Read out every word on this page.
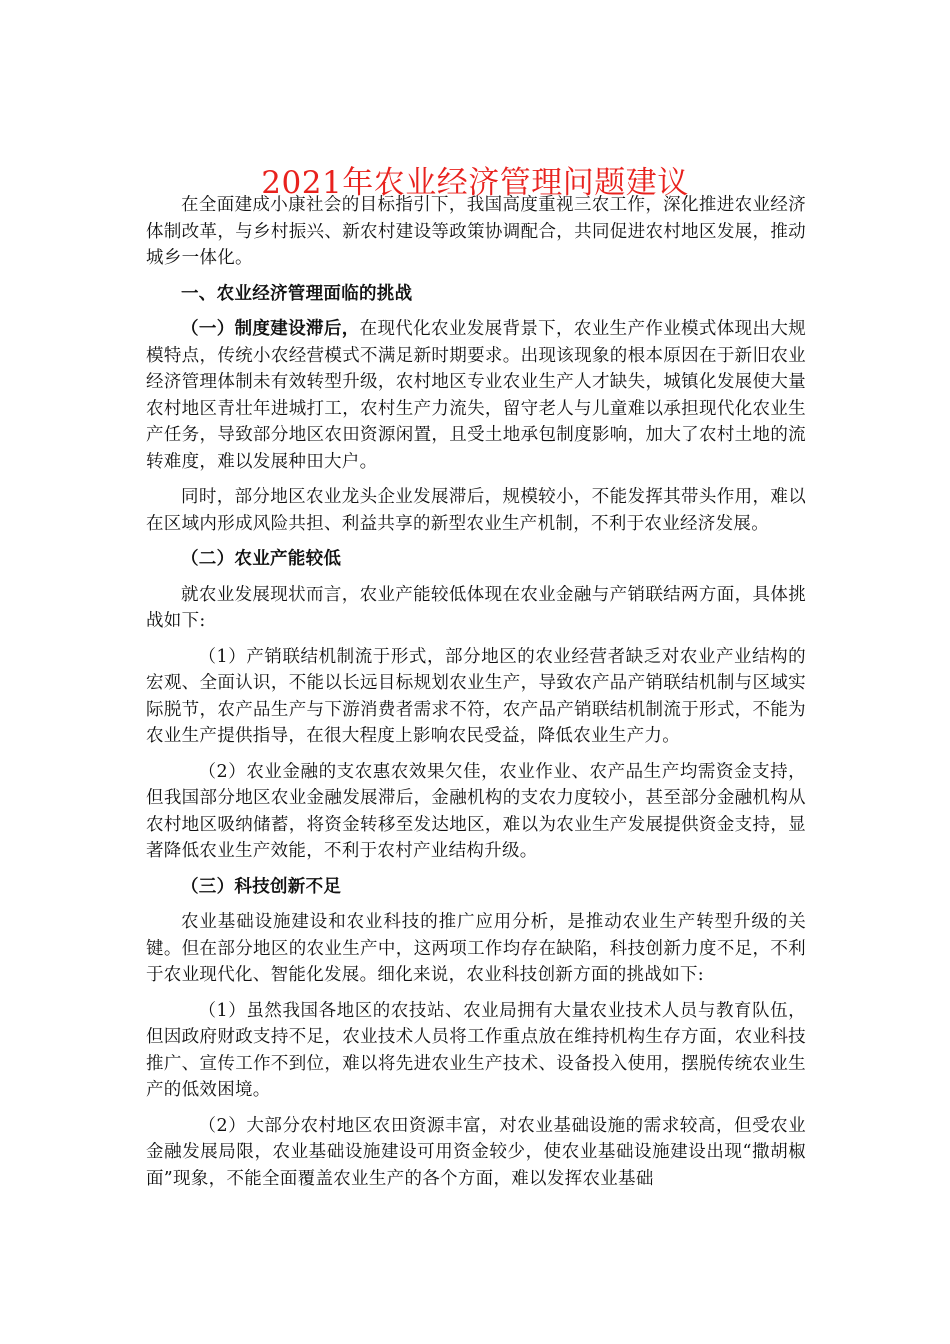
2021年农业经济管理问题建议

在全面建成小康社会的目标指引下，我国高度重视三农工作，深化推进农业经济体制改革，与乡村振兴、新农村建设等政策协调配合，共同促进农村地区发展，推动城乡一体化。

一、农业经济管理面临的挑战

（一）制度建设滞后，在现代化农业发展背景下，农业生产作业模式体现出大规模特点，传统小农经营模式不满足新时期要求。出现该现象的根本原因在于新旧农业经济管理体制未有效转型升级，农村地区专业农业生产人才缺失，城镇化发展使大量农村地区青壮年进城打工，农村生产力流失，留守老人与儿童难以承担现代化农业生产任务，导致部分地区农田资源闲置，且受土地承包制度影响，加大了农村土地的流转难度，难以发展种田大户。

同时，部分地区农业龙头企业发展滞后，规模较小，不能发挥其带头作用，难以在区域内形成风险共担、利益共享的新型农业生产机制，不利于农业经济发展。

（二）农业产能较低

就农业发展现状而言，农业产能较低体现在农业金融与产销联结两方面，具体挑战如下:

（1）产销联结机制流于形式，部分地区的农业经营者缺乏对农业产业结构的宏观、全面认识，不能以长远目标规划农业生产，导致农产品产销联结机制与区域实际脱节，农产品生产与下游消费者需求不符，农产品产销联结机制流于形式，不能为农业生产提供指导，在很大程度上影响农民受益，降低农业生产力。

（2）农业金融的支农惠农效果欠佳，农业作业、农产品生产均需资金支持，但我国部分地区农业金融发展滞后，金融机构的支农力度较小，甚至部分金融机构从农村地区吸纳储蓄，将资金转移至发达地区，难以为农业生产发展提供资金支持，显著降低农业生产效能，不利于农村产业结构升级。

（三）科技创新不足

农业基础设施建设和农业科技的推广应用分析，是推动农业生产转型升级的关键。但在部分地区的农业生产中，这两项工作均存在缺陷，科技创新力度不足，不利于农业现代化、智能化发展。细化来说，农业科技创新方面的挑战如下:

（1）虽然我国各地区的农技站、农业局拥有大量农业技术人员与教育队伍，但因政府财政支持不足，农业技术人员将工作重点放在维持机构生存方面，农业科技推广、宣传工作不到位，难以将先进农业生产技术、设备投入使用，摆脱传统农业生产的低效困境。

（2）大部分农村地区农田资源丰富，对农业基础设施的需求较高，但受农业金融发展局限，农业基础设施建设可用资金较少，使农业基础设施建设出现“撒胡椒面”现象，不能全面覆盖农业生产的各个方面，难以发挥农业基础
